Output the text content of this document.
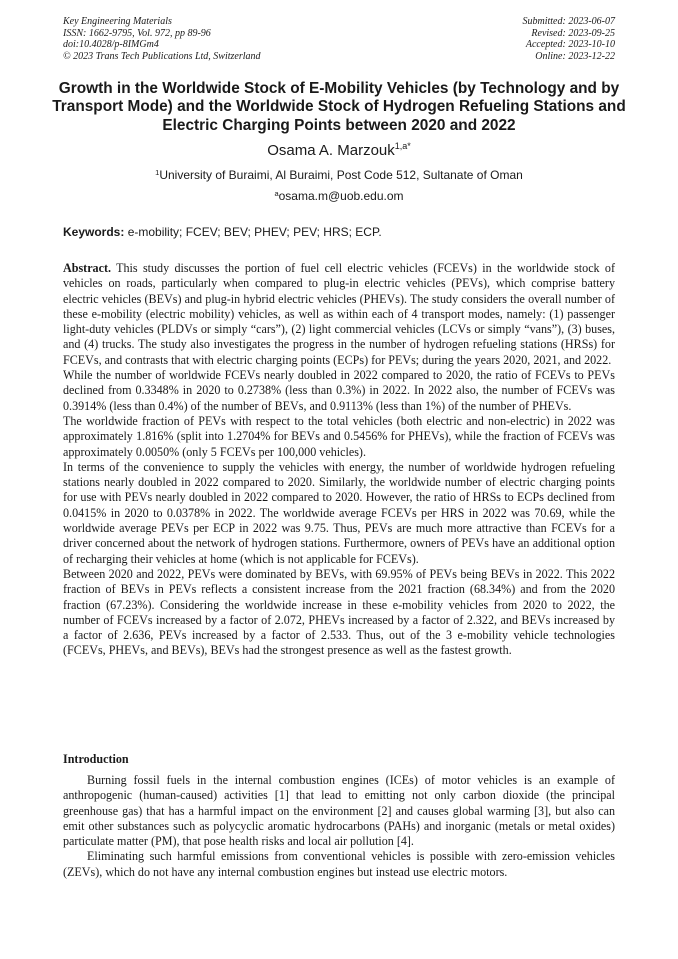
Key Engineering Materials
ISSN: 1662-9795, Vol. 972, pp 89-96
doi:10.4028/p-8IMGm4
© 2023 Trans Tech Publications Ltd, Switzerland
Submitted: 2023-06-07
Revised: 2023-09-25
Accepted: 2023-10-10
Online: 2023-12-22
Growth in the Worldwide Stock of E-Mobility Vehicles (by Technology and by Transport Mode) and the Worldwide Stock of Hydrogen Refueling Stations and Electric Charging Points between 2020 and 2022
Osama A. Marzouk$^{1,a*}$
$^1$University of Buraimi, Al Buraimi, Post Code 512, Sultanate of Oman
$^a$osama.m@uob.edu.om
Keywords: e-mobility; FCEV; BEV; PHEV; PEV; HRS; ECP.

Abstract. This study discusses the portion of fuel cell electric vehicles (FCEVs) in the worldwide stock of vehicles on roads, particularly when compared to plug-in electric vehicles (PEVs), which comprise battery electric vehicles (BEVs) and plug-in hybrid electric vehicles (PHEVs). The study considers the overall number of these e-mobility (electric mobility) vehicles, as well as within each of 4 transport modes, namely: (1) passenger light-duty vehicles (PLDVs or simply “cars”), (2) light commercial vehicles (LCVs or simply “vans”), (3) buses, and (4) trucks. The study also investigates the progress in the number of hydrogen refueling stations (HRSs) for FCEVs, and contrasts that with electric charging points (ECPs) for PEVs; during the years 2020, 2021, and 2022.

While the number of worldwide FCEVs nearly doubled in 2022 compared to 2020, the ratio of FCEVs to PEVs declined from 0.3348% in 2020 to 0.2738% (less than 0.3%) in 2022. In 2022 also, the number of FCEVs was 0.3914% (less than 0.4%) of the number of BEVs, and 0.9113% (less than 1%) of the number of PHEVs.

The worldwide fraction of PEVs with respect to the total vehicles (both electric and non-electric) in 2022 was approximately 1.816% (split into 1.2704% for BEVs and 0.5456% for PHEVs), while the fraction of FCEVs was approximately 0.0050% (only 5 FCEVs per 100,000 vehicles).

In terms of the convenience to supply the vehicles with energy, the number of worldwide hydrogen refueling stations nearly doubled in 2022 compared to 2020. Similarly, the worldwide number of electric charging points for use with PEVs nearly doubled in 2022 compared to 2020. However, the ratio of HRSs to ECPs declined from 0.0415% in 2020 to 0.0378% in 2022. The worldwide average FCEVs per HRS in 2022 was 70.69, while the worldwide average PEVs per ECP in 2022 was 9.75. Thus, PEVs are much more attractive than FCEVs for a driver concerned about the network of hydrogen stations. Furthermore, owners of PEVs have an additional option of recharging their vehicles at home (which is not applicable for FCEVs).

Between 2020 and 2022, PEVs were dominated by BEVs, with 69.95% of PEVs being BEVs in 2022. This 2022 fraction of BEVs in PEVs reflects a consistent increase from the 2021 fraction (68.34%) and from the 2020 fraction (67.23%). Considering the worldwide increase in these e-mobility vehicles from 2020 to 2022, the number of FCEVs increased by a factor of 2.072, PHEVs increased by a factor of 2.322, and BEVs increased by a factor of 2.636, PEVs increased by a factor of 2.533. Thus, out of the 3 e-mobility vehicle technologies (FCEVs, PHEVs, and BEVs), BEVs had the strongest presence as well as the fastest growth.

Introduction

Burning fossil fuels in the internal combustion engines (ICEs) of motor vehicles is an example of anthropogenic (human-caused) activities [1] that lead to emitting not only carbon dioxide (the principal greenhouse gas) that has a harmful impact on the environment [2] and causes global warming [3], but also can emit other substances such as polycyclic aromatic hydrocarbons (PAHs) and inorganic (metals or metal oxides) particulate matter (PM), that pose health risks and local air pollution [4].

Eliminating such harmful emissions from conventional vehicles is possible with zero-emission vehicles (ZEVs), which do not have any internal combustion engines but instead use electric motors.
